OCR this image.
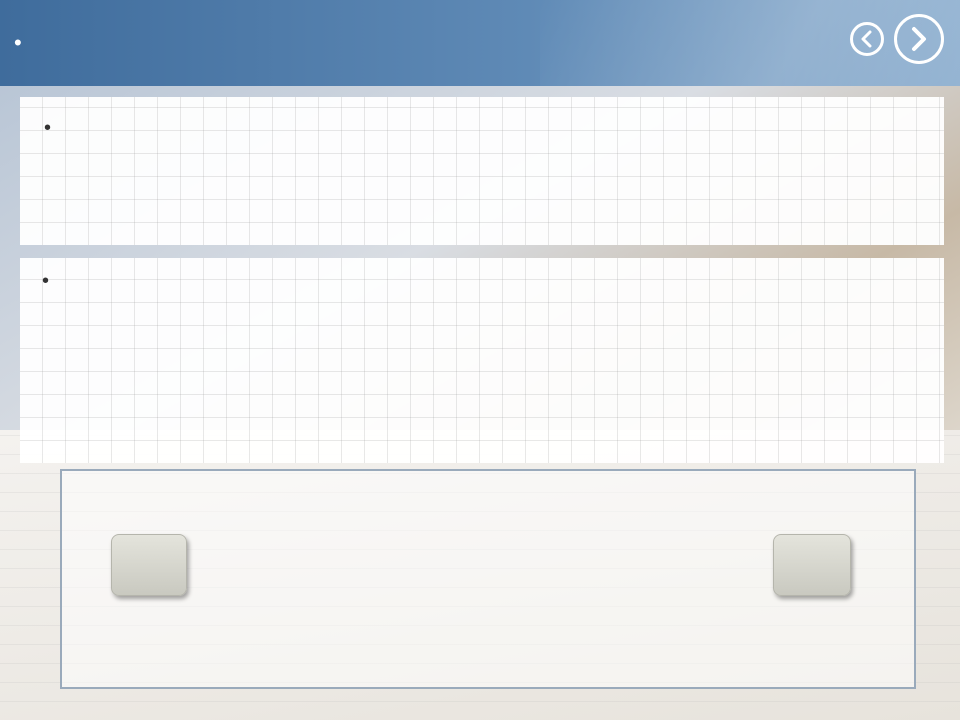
•
•

•
